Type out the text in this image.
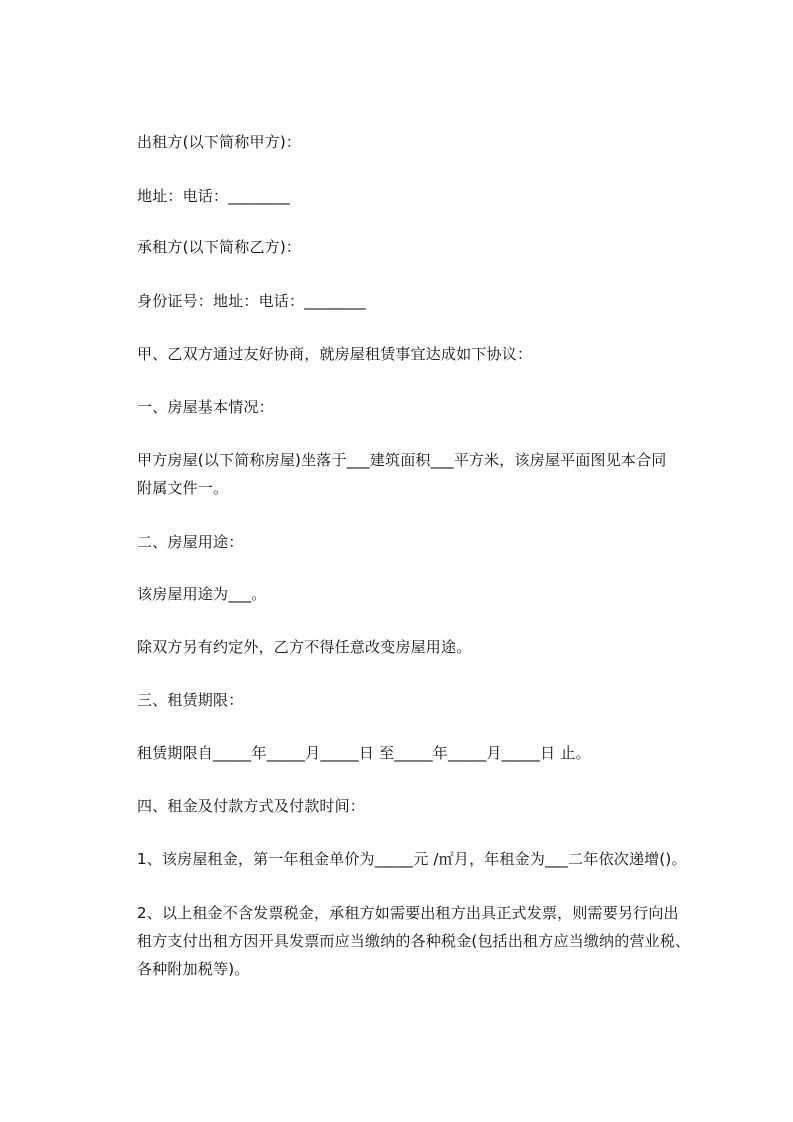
出租方(以下简称甲方)：
地址：电话：________
承租方(以下简称乙方)：
身份证号：地址：电话：________
甲、乙双方通过友好协商，就房屋租赁事宜达成如下协议：
一、房屋基本情况：
甲方房屋(以下简称房屋)坐落于___建筑面积___平方米，该房屋平面图见本合同
附属文件一。
二、房屋用途：
该房屋用途为___。
除双方另有约定外，乙方不得任意改变房屋用途。
三、租赁期限：
租赁期限自_____年_____月_____日 至_____年_____月_____日 止。
四、租金及付款方式及付款时间：
1、该房屋租金，第一年租金单价为_____元 /㎡月，年租金为___二年依次递增()。
2、以上租金不含发票税金，承租方如需要出租方出具正式发票，则需要另行向出
租方支付出租方因开具发票而应当缴纳的各种税金(包括出租方应当缴纳的营业税、
各种附加税等)。
